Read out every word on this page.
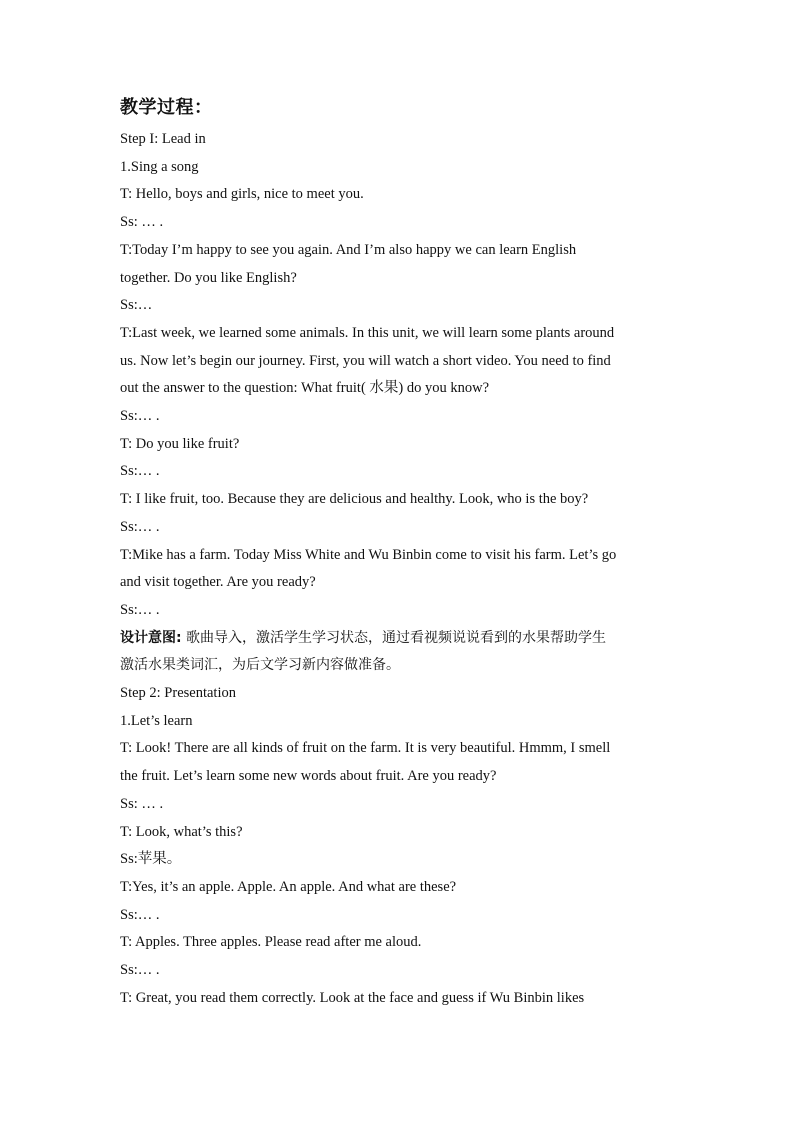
教学过程：
Step I: Lead in
1.Sing a song
T: Hello, boys and girls, nice to meet you.
Ss: … .
T:Today I’m happy to see you again. And I’m also happy we can learn English
together. Do you like English?
Ss:…
T:Last week, we learned some animals. In this unit, we will learn some plants around
us. Now let’s begin our journey. First, you will watch a short video. You need to find
out the answer to the question: What fruit( 水果) do you know?
Ss:… .
T: Do you like fruit?
Ss:… .
T: I like fruit, too. Because they are delicious and healthy. Look, who is the boy?
Ss:… .
T:Mike has a farm. Today Miss White and Wu Binbin come to visit his farm. Let’s go
and visit together. Are you ready?
Ss:… .
设计意图: 歌曲导入，激活学生学习状态，通过看视频说说看到的水果帮助学生
激活水果类词汇，为后文学习新内容做准备。
Step 2: Presentation
1.Let’s learn
T: Look! There are all kinds of fruit on the farm. It is very beautiful. Hmmm, I smell
the fruit. Let’s learn some new words about fruit. Are you ready?
Ss: … .
T: Look, what’s this?
Ss:苹果。
T:Yes, it’s an apple. Apple. An apple. And what are these?
Ss:… .
T: Apples. Three apples. Please read after me aloud.
Ss:… .
T: Great, you read them correctly. Look at the face and guess if Wu Binbin likes
